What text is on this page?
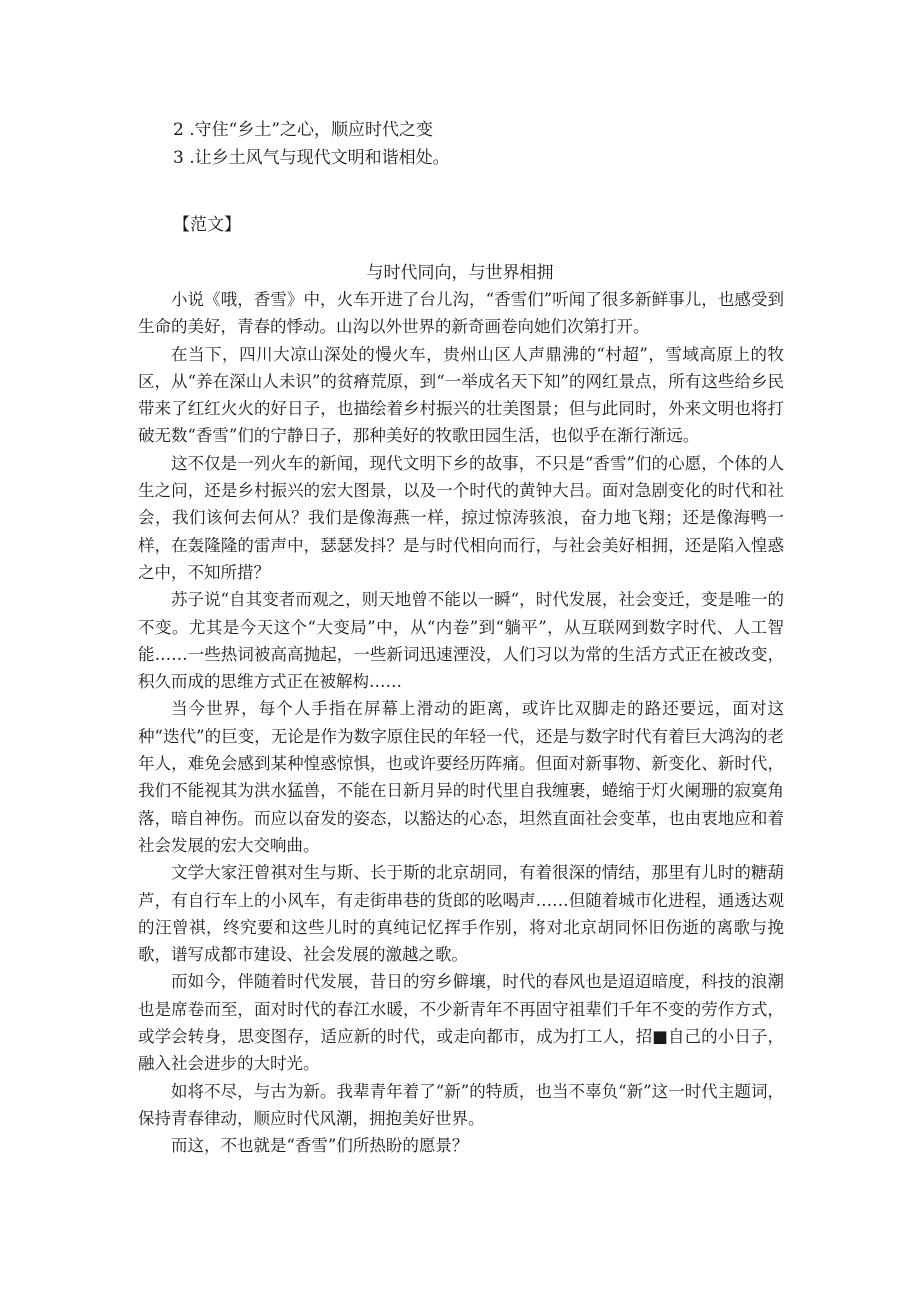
2 .守住“乡土”之心，顺应时代之变
3 .让乡土风气与现代文明和谐相处。
【范文】
与时代同向，与世界相拥

小说《哦，香雪》中，火车开进了台儿沟，“香雪们”听闻了很多新鲜事儿，也感受到生命的美好，青春的悸动。山沟以外世界的新奇画卷向她们次第打开。

在当下，四川大凉山深处的慢火车，贵州山区人声鼎沸的“村超”，雪域高原上的牧区，从“养在深山人未识”的贫瘠荒原，到“一举成名天下知”的网红景点，所有这些给乡民带来了红红火火的好日子，也描绘着乡村振兴的壮美图景；但与此同时，外来文明也将打破无数“香雪”们的宁静日子，那种美好的牧歌田园生活，也似乎在渐行渐远。

这不仅是一列火车的新闻，现代文明下乡的故事，不只是“香雪”们的心愿，个体的人生之问，还是乡村振兴的宏大图景，以及一个时代的黄钟大吕。面对急剧变化的时代和社会，我们该何去何从？我们是像海燕一样，掠过惊涛骇浪，奋力地飞翔；还是像海鸭一样，在轰隆隆的雷声中，瑟瑟发抖？是与时代相向而行，与社会美好相拥，还是陷入惶惑之中，不知所措？

苏子说“自其变者而观之，则天地曾不能以一瞬“，时代发展，社会变迁，变是唯一的不变。尤其是今天这个“大变局”中，从“内卷”到“躺平”，从互联网到数字时代、人工智能……一些热词被高高抛起，一些新词迅速湮没，人们习以为常的生活方式正在被改变，积久而成的思维方式正在被解构……

当今世界，每个人手指在屏幕上滑动的距离，或许比双脚走的路还要远，面对这种“迭代”的巨变，无论是作为数字原住民的年轻一代，还是与数字时代有着巨大鸿沟的老年人，难免会感到某种惶惑惊惧，也或许要经历阵痛。但面对新事物、新变化、新时代，我们不能视其为洪水猛兽，不能在日新月异的时代里自我缠裹，蜷缩于灯火阑珊的寂寞角落，暗自神伤。而应以奋发的姿态，以豁达的心态，坦然直面社会变革，也由衷地应和着社会发展的宏大交响曲。

文学大家汪曾祺对生与斯、长于斯的北京胡同，有着很深的情结，那里有儿时的糖葫芦，有自行车上的小风车，有走街串巷的货郎的吆喝声……但随着城市化进程，通透达观的汪曾祺，终究要和这些儿时的真纯记忆挥手作别，将对北京胡同怀旧伤逝的离歌与挽歌，谱写成都市建设、社会发展的激越之歌。

而如今，伴随着时代发展，昔日的穷乡僻壤，时代的春风也是迢迢暗度，科技的浪潮也是席卷而至，面对时代的春江水暖，不少新青年不再固守祖辈们千年不变的劳作方式，或学会转身，思变图存，适应新的时代，或走向都市，成为打工人，招■自己的小日子，融入社会进步的大时光。

如将不尽，与古为新。我辈青年着了“新”的特质，也当不辜负“新”这一时代主题词，保持青春律动，顺应时代风潮，拥抱美好世界。

而这，不也就是“香雪”们所热盼的愿景？
